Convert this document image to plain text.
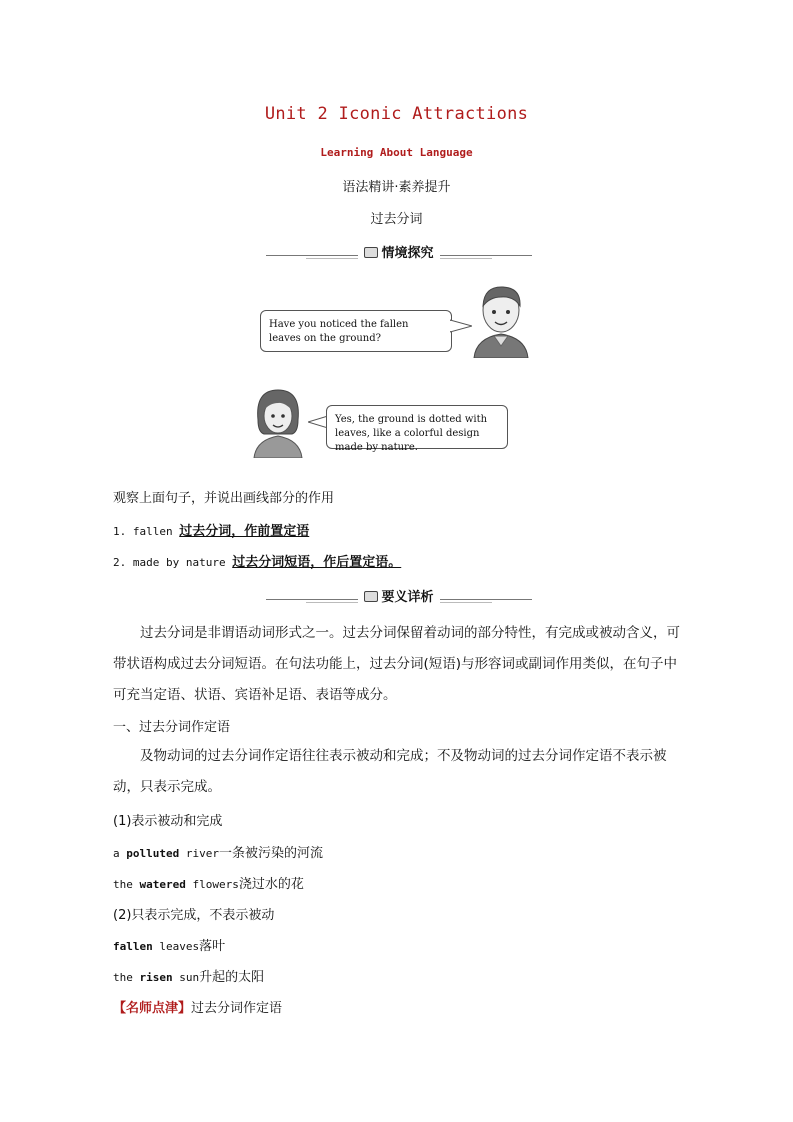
Unit 2 Iconic Attractions
Learning About Language
语法精讲·素养提升
过去分词
情境探究
Have you noticed the fallen leaves on the ground?
Yes, the ground is dotted with leaves, like a colorful design made by nature.
观察上面句子，并说出画线部分的作用
1. fallen 过去分词，作前置定语
2. made by nature 过去分词短语，作后置定语。
要义详析
过去分词是非谓语动词形式之一。过去分词保留着动词的部分特性，有完成或被动含义，可带状语构成过去分词短语。在句法功能上，过去分词(短语)与形容词或副词作用类似，在句子中可充当定语、状语、宾语补足语、表语等成分。
一、过去分词作定语
及物动词的过去分词作定语往往表示被动和完成；不及物动词的过去分词作定语不表示被动，只表示完成。
(1)表示被动和完成
a polluted river一条被污染的河流
the watered flowers浇过水的花
(2)只表示完成，不表示被动
fallen leaves落叶
the risen sun升起的太阳
【名师点津】过去分词作定语
